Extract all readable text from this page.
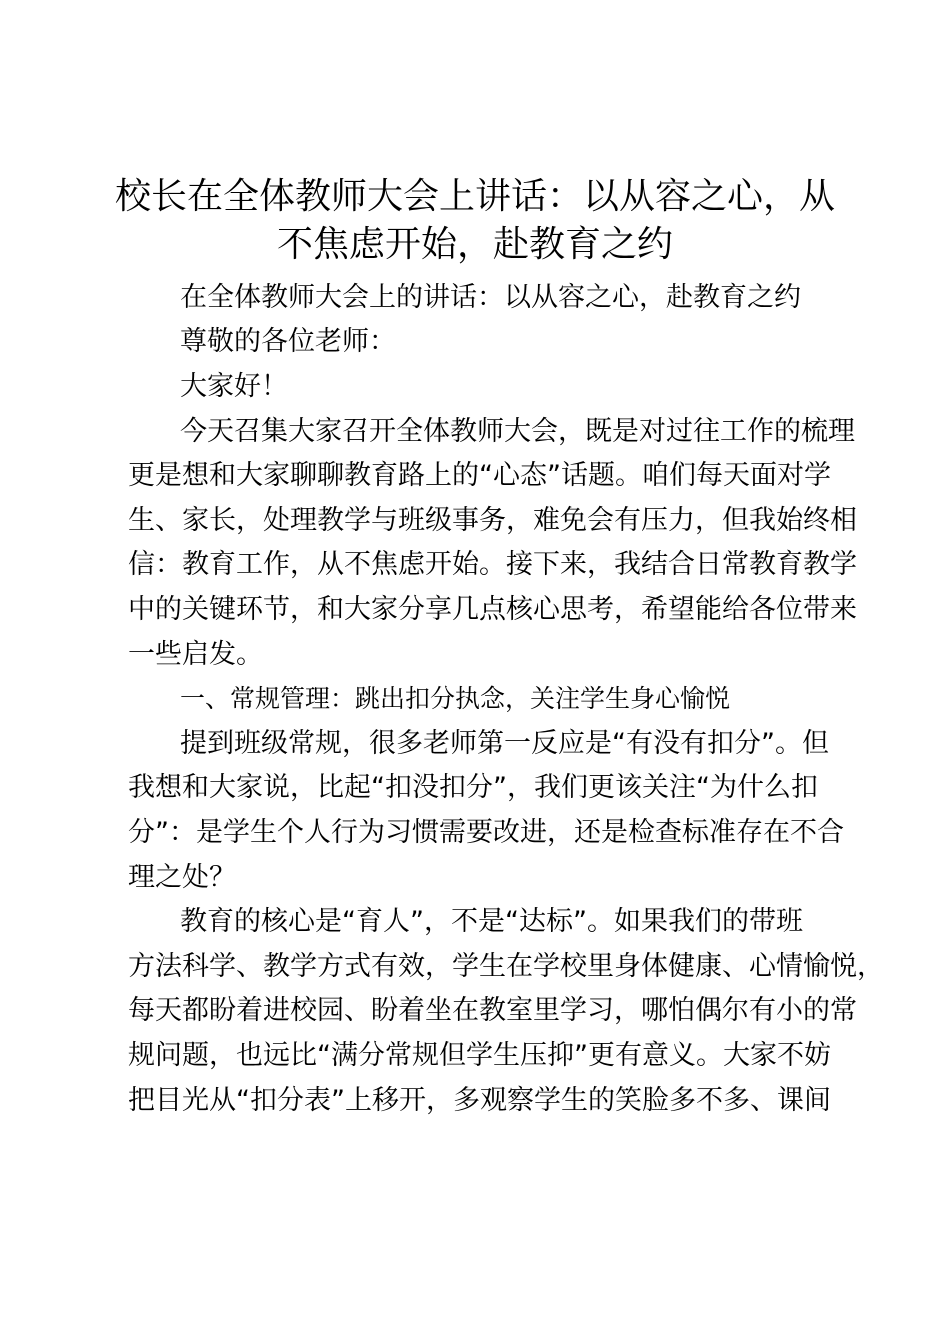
校长在全体教师大会上讲话：以从容之心，从
不焦虑开始，赴教育之约

在全体教师大会上的讲话：以从容之心，赴教育之约

尊敬的各位老师：

大家好！

今天召集大家召开全体教师大会，既是对过往工作的梳理

更是想和大家聊聊教育路上的“心态”话题。咱们每天面对学

生、家长，处理教学与班级事务，难免会有压力，但我始终相

信：教育工作，从不焦虑开始。接下来，我结合日常教育教学

中的关键环节，和大家分享几点核心思考，希望能给各位带来

一些启发。

一、常规管理：跳出扣分执念，关注学生身心愉悦

提到班级常规，很多老师第一反应是“有没有扣分”。但

我想和大家说，比起“扣没扣分”，我们更该关注“为什么扣

分”：是学生个人行为习惯需要改进，还是检查标准存在不合

理之处？

教育的核心是“育人”，不是“达标”。如果我们的带班

方法科学、教学方式有效，学生在学校里身体健康、心情愉悦，

每天都盼着进校园、盼着坐在教室里学习，哪怕偶尔有小的常

规问题，也远比“满分常规但学生压抑”更有意义。大家不妨

把目光从“扣分表”上移开，多观察学生的笑脸多不多、课间
